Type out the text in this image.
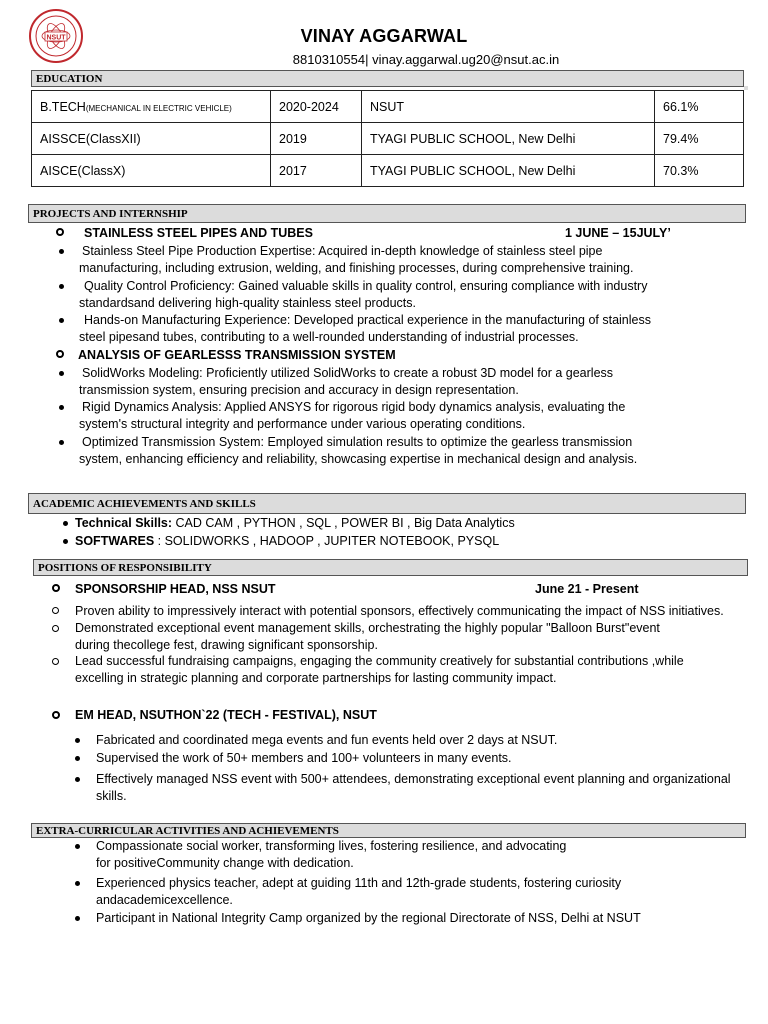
NSUT	VINAY AGGARWAL
8810310554| vinay.aggarwal.ug20@nsut.ac.in
EDUCATION
B.TECH(MECHANICAL IN ELECTRIC VEHICLE)	2020-2024	NSUT	66.1%
AISSCE(ClassXII)	2019	TYAGI PUBLIC SCHOOL, New Delhi	79.4%
AISCE(ClassX)	2017	TYAGI PUBLIC SCHOOL, New Delhi	70.3%
PROJECTS AND INTERNSHIP
STAINLESS STEEL PIPES AND TUBES	1 JUNE – 15JULY’
Stainless Steel Pipe Production Expertise: Acquired in-depth knowledge of stainless steel pipe
manufacturing, including extrusion, welding, and finishing processes, during comprehensive training.
Quality Control Proficiency: Gained valuable skills in quality control, ensuring compliance with industry
standardsand delivering high-quality stainless steel products.
Hands-on Manufacturing Experience: Developed practical experience in the manufacturing of stainless
steel pipesand tubes, contributing to a well-rounded understanding of industrial processes.
ANALYSIS OF GEARLESSS TRANSMISSION SYSTEM
SolidWorks Modeling: Proficiently utilized SolidWorks to create a robust 3D model for a gearless
transmission system, ensuring precision and accuracy in design representation.
Rigid Dynamics Analysis: Applied ANSYS for rigorous rigid body dynamics analysis, evaluating the
system's structural integrity and performance under various operating conditions.
Optimized Transmission System: Employed simulation results to optimize the gearless transmission
system, enhancing efficiency and reliability, showcasing expertise in mechanical design and analysis.
ACADEMIC ACHIEVEMENTS AND SKILLS
Technical Skills: CAD CAM , PYTHON , SQL , POWER BI , Big Data Analytics
SOFTWARES : SOLIDWORKS , HADOOP , JUPITER NOTEBOOK, PYSQL
POSITIONS OF RESPONSIBILITY
SPONSORSHIP HEAD, NSS NSUT	June 21 - Present
Proven ability to impressively interact with potential sponsors, effectively communicating the impact of NSS initiatives.
Demonstrated exceptional event management skills, orchestrating the highly popular "Balloon Burst"event
during thecollege fest, drawing significant sponsorship.
Lead successful fundraising campaigns, engaging the community creatively for substantial contributions ,while
excelling in strategic planning and corporate partnerships for lasting community impact.
EM HEAD, NSUTHON`22 (TECH - FESTIVAL), NSUT
Fabricated and coordinated mega events and fun events held over 2 days at NSUT.
Supervised the work of 50+ members and 100+ volunteers in many events.
Effectively managed NSS event with 500+ attendees, demonstrating exceptional event planning and organizational
skills.
EXTRA-CURRICULAR ACTIVITIES AND ACHIEVEMENTS
Compassionate social worker, transforming lives, fostering resilience, and advocating
for positiveCommunity change with dedication.
Experienced physics teacher, adept at guiding 11th and 12th-grade students, fostering curiosity
andacademicexcellence.
Participant in National Integrity Camp organized by the regional Directorate of NSS, Delhi at NSUT
